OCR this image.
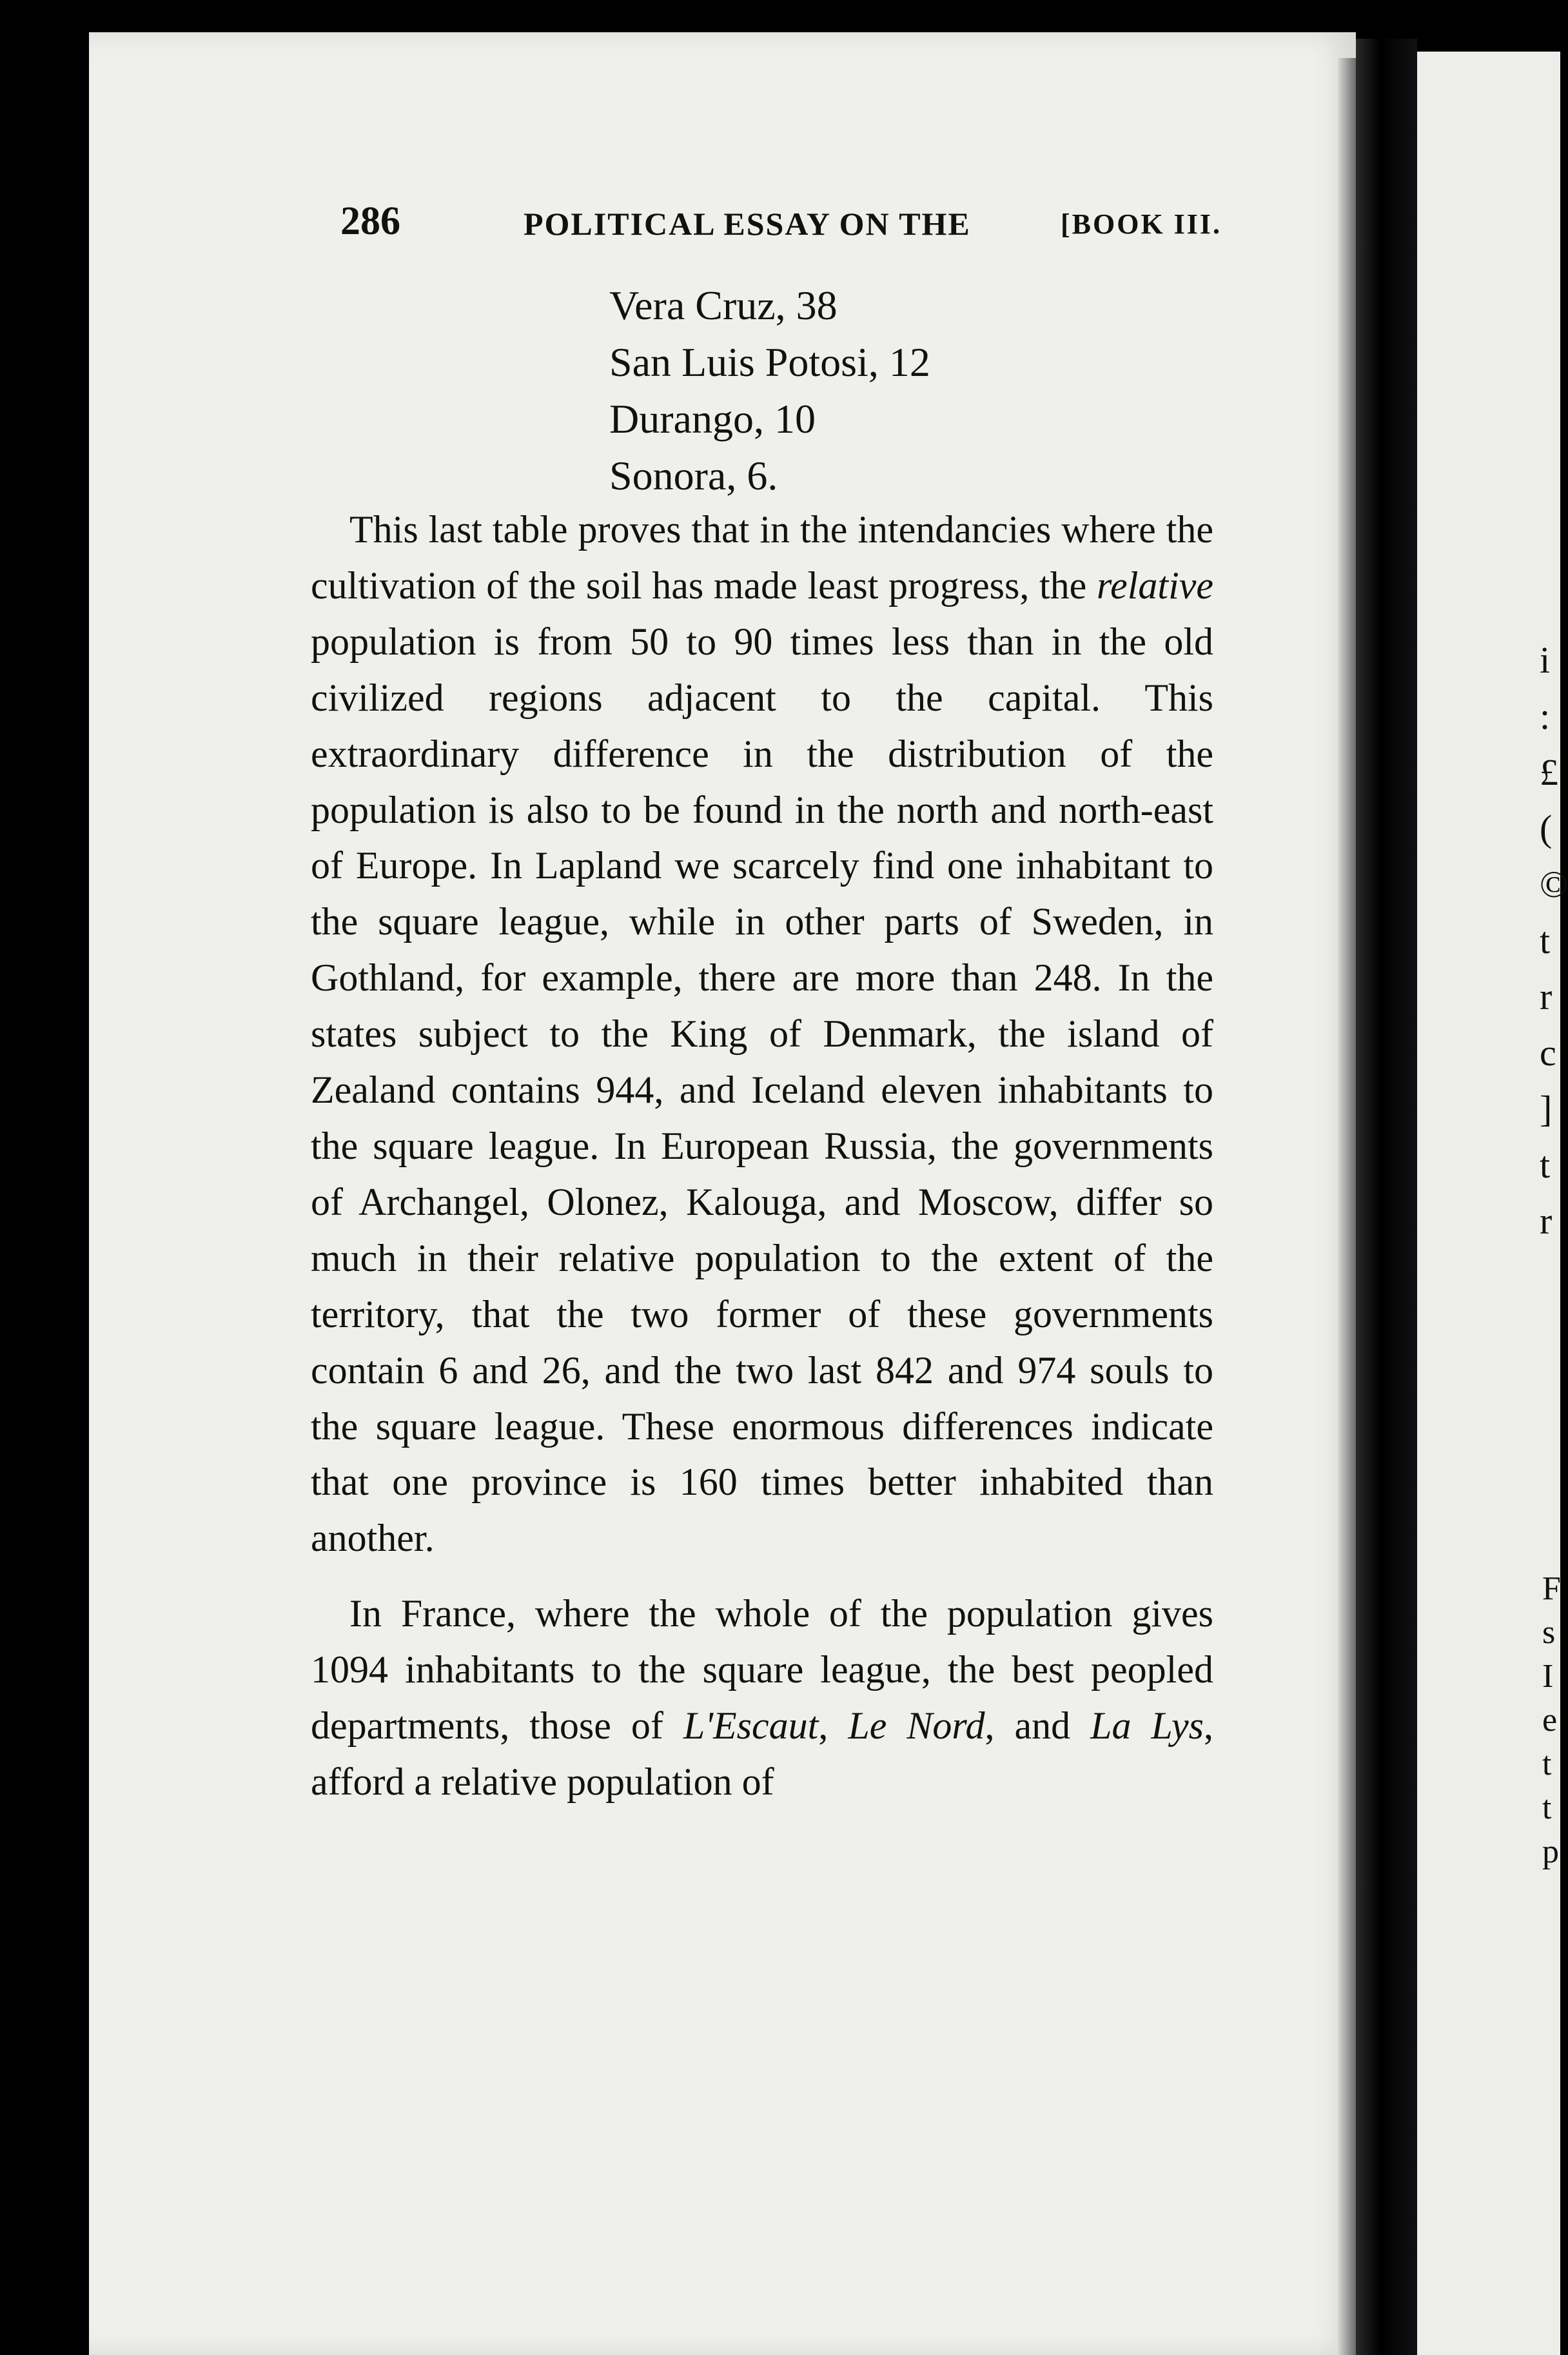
286	POLITICAL ESSAY ON THE	[BOOK III.
Vera Cruz, 38
San Luis Potosi, 12
Durango, 10
Sonora, 6.

This last table proves that in the intendancies where the cultivation of the soil has made least progress, the relative population is from 50 to 90 times less than in the old civilized regions adjacent to the capital. This extraordinary difference in the distribution of the population is also to be found in the north and north-east of Europe. In Lapland we scarcely find one inhabitant to the square league, while in other parts of Sweden, in Gothland, for example, there are more than 248. In the states subject to the King of Denmark, the island of Zealand contains 944, and Iceland eleven inhabitants to the square league. In European Russia, the governments of Archangel, Olonez, Kalouga, and Moscow, differ so much in their relative population to the extent of the territory, that the two former of these governments contain 6 and 26, and the two last 842 and 974 souls to the square league. These enormous differences indicate that one province is 160 times better inhabited than another.

In France, where the whole of the population gives 1094 inhabitants to the square league, the best peopled departments, those of L'Escaut, Le Nord, and La Lys, afford a relative population of

i
:
£
(
©
t
r
c
]
t
r
F
s
I
e
t
t
p
